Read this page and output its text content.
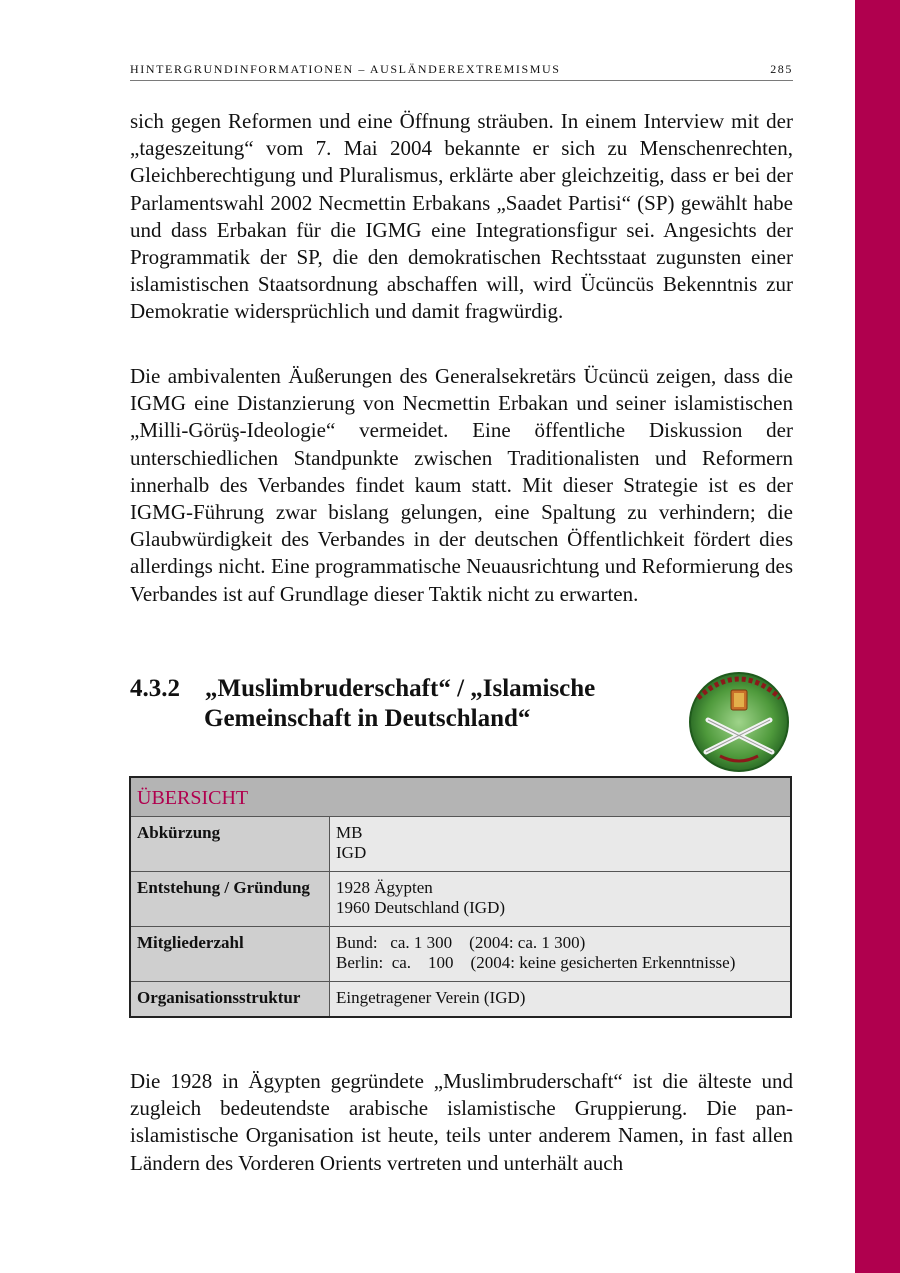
HINTERGRUNDINFORMATIONEN – AUSLÄNDEREXTREMISMUS	285
sich gegen Reformen und eine Öffnung sträuben. In einem Interview mit der „tageszeitung“ vom 7. Mai 2004 bekannte er sich zu Menschenrechten, Gleichberechtigung und Pluralismus, erklärte aber gleichzeitig, dass er bei der Parlamentswahl 2002 Necmettin Erbakans „Saadet Partisi“ (SP) gewählt habe und dass Erbakan für die IGMG eine Integrationsfigur sei. Angesichts der Programmatik der SP, die den demokratischen Rechtsstaat zugunsten einer islamistischen Staatsordnung abschaffen will, wird Ücüncüs Bekenntnis zur Demokratie widersprüchlich und damit fragwürdig.
Die ambivalenten Äußerungen des Generalsekretärs Ücüncü zeigen, dass die IGMG eine Distanzierung von Necmettin Erbakan und seiner islamistischen „Milli-Görüş-Ideologie“ vermeidet. Eine öffentliche Diskussion der unterschiedlichen Standpunkte zwischen Traditionalisten und Reformern innerhalb des Verbandes findet kaum statt. Mit dieser Strategie ist es der IGMG-Führung zwar bislang gelungen, eine Spaltung zu verhindern; die Glaubwürdigkeit des Verbandes in der deutschen Öffentlichkeit fördert dies allerdings nicht. Eine programmatische Neuausrichtung und Reformierung des Verbandes ist auf Grundlage dieser Taktik nicht zu erwarten.
4.3.2 „Muslimbruderschaft“ / „Islamische
Gemeinschaft in Deutschland“
ÜBERSICHT	
Abkürzung	MB
IGD

Entstehung / Gründung	1928 Ägypten
1960 Deutschland (IGD)

Mitgliederzahl	Bund:   ca. 1 300    (2004: ca. 1 300)
Berlin:  ca.    100    (2004: keine gesicherten Erkenntnisse)

Organisationsstruktur	Eingetragener Verein (IGD)
Die 1928 in Ägypten gegründete „Muslimbruderschaft“ ist die älteste und zugleich bedeutendste arabische islamistische Gruppierung. Die pan-islamistische Organisation ist heute, teils unter anderem Namen, in fast allen Ländern des Vorderen Orients vertreten und unterhält auch
